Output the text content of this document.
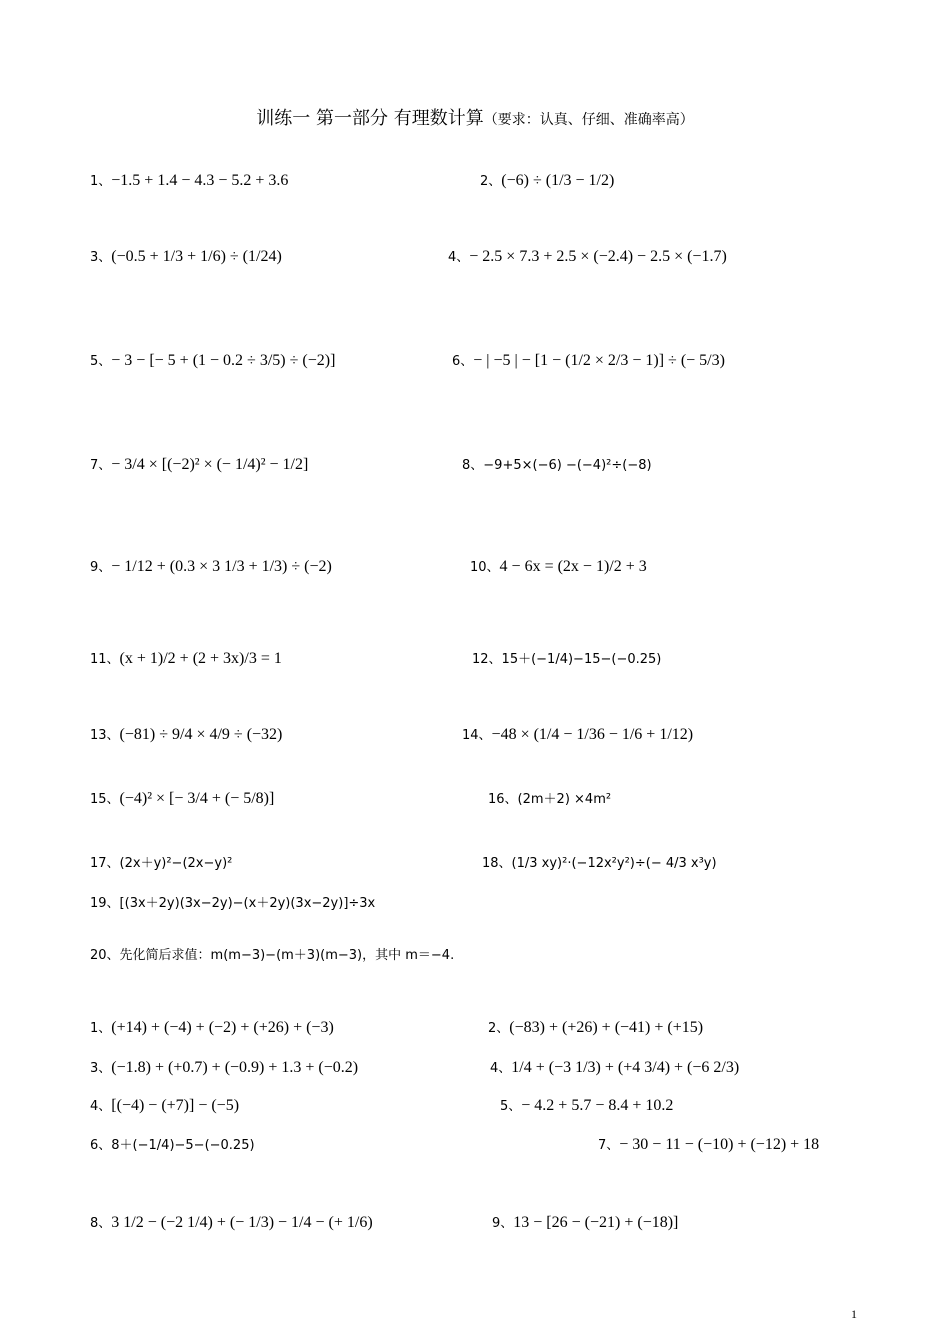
训练一 第一部分 有理数计算（要求：认真、仔细、准确率高）
1、−1.5 + 1.4 − 4.3 − 5.2 + 3.6	2、(−6) ÷ (1/3 − 1/2)
3、(−0.5 + 1/3 + 1/6) ÷ (1/24)	4、− 2.5 × 7.3 + 2.5 × (−2.4) − 2.5 × (−1.7)
5、− 3 − [− 5 + (1 − 0.2 ÷ 3/5) ÷ (−2)]	6、− | −5 | − [1 − (1/2 × 2/3 − 1)] ÷ (− 5/3)
7、− 3/4 × [(−2)² × (− 1/4)² − 1/2]	8、−9+5×(−6) −(−4)²÷(−8)
9、− 1/12 + (0.3 × 3 1/3 + 1/3) ÷ (−2)	10、4 − 6x = (2x − 1)/2 + 3
11、(x + 1)/2 + (2 + 3x)/3 = 1	12、15＋(−1/4)−15−(−0.25)
13、(−81) ÷ 9/4 × 4/9 ÷ (−32)	14、−48 × (1/4 − 1/36 − 1/6 + 1/12)
15、(−4)² × [− 3/4 + (− 5/8)]	16、(2m＋2) ×4m²
17、(2x＋y)²−(2x−y)²	18、(1/3 xy)²·(−12x²y²)÷(− 4/3 x³y)
19、[(3x＋2y)(3x−2y)−(x＋2y)(3x−2y)]÷3x
20、先化简后求值：m(m−3)−(m＋3)(m−3)，其中 m＝−4.
1、(+14) + (−4) + (−2) + (+26) + (−3)	2、(−83) + (+26) + (−41) + (+15)
3、(−1.8) + (+0.7) + (−0.9) + 1.3 + (−0.2)	4、1/4 + (−3 1/3) + (+4 3/4) + (−6 2/3)
4、[(−4) − (+7)] − (−5)	5、− 4.2 + 5.7 − 8.4 + 10.2
6、8＋(−1/4)−5−(−0.25)	7、− 30 − 11 − (−10) + (−12) + 18
8、3 1/2 − (−2 1/4) + (− 1/3) − 1/4 − (+ 1/6)	9、13 − [26 − (−21) + (−18)]
1
